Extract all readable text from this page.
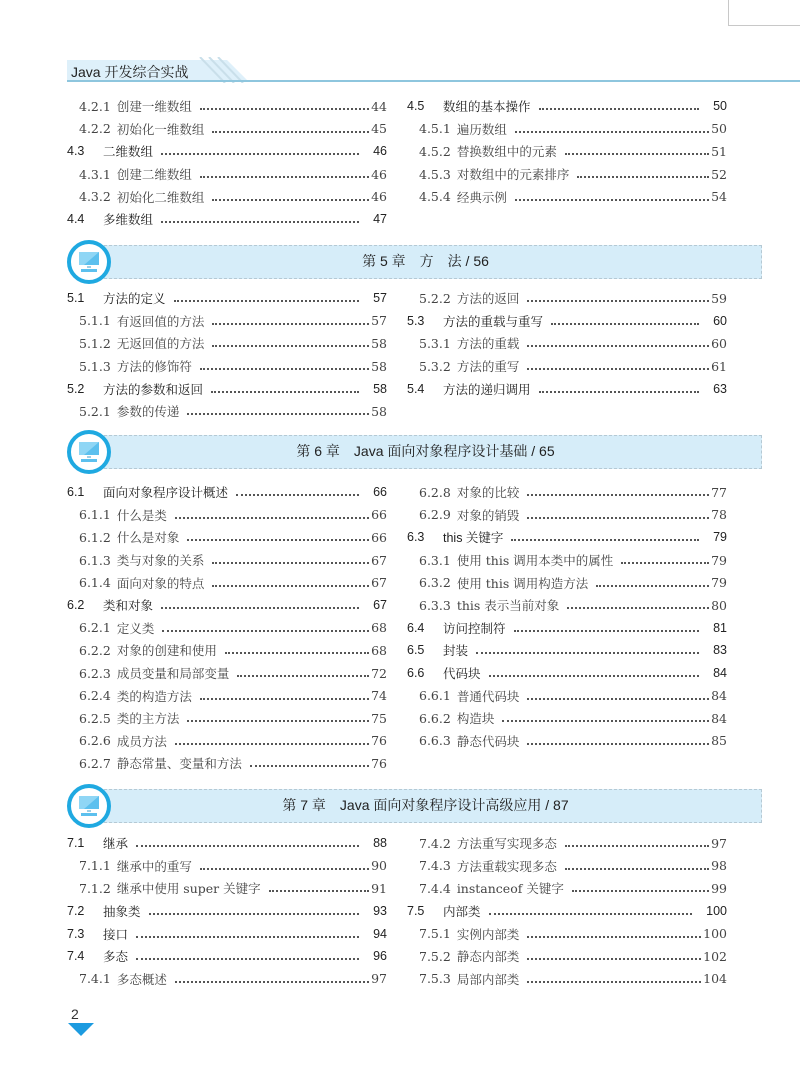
Java 开发综合实战
4.2.1 创建一维数组	44
4.2.2 初始化一维数组	45
4.3 二维数组	46
4.3.1 创建二维数组	46
4.3.2 初始化二维数组	46
4.4 多维数组	47
4.5 数组的基本操作	50
4.5.1 遍历数组	50
4.5.2 替换数组中的元素	51
4.5.3 对数组中的元素排序	52
4.5.4 经典示例	54
第 5 章　方　法 / 56
5.1 方法的定义	57
5.1.1 有返回值的方法	57
5.1.2 无返回值的方法	58
5.1.3 方法的修饰符	58
5.2 方法的参数和返回	58
5.2.1 参数的传递	58
5.2.2 方法的返回	59
5.3 方法的重载与重写	60
5.3.1 方法的重载	60
5.3.2 方法的重写	61
5.4 方法的递归调用	63
第 6 章　Java 面向对象程序设计基础 / 65
6.1 面向对象程序设计概述	66
6.1.1 什么是类	66
6.1.2 什么是对象	66
6.1.3 类与对象的关系	67
6.1.4 面向对象的特点	67
6.2 类和对象	67
6.2.1 定义类	68
6.2.2 对象的创建和使用	68
6.2.3 成员变量和局部变量	72
6.2.4 类的构造方法	74
6.2.5 类的主方法	75
6.2.6 成员方法	76
6.2.7 静态常量、变量和方法	76
6.2.8 对象的比较	77
6.2.9 对象的销毁	78
6.3 this 关键字	79
6.3.1 使用 this 调用本类中的属性	79
6.3.2 使用 this 调用构造方法	79
6.3.3 this 表示当前对象	80
6.4 访问控制符	81
6.5 封装	83
6.6 代码块	84
6.6.1 普通代码块	84
6.6.2 构造块	84
6.6.3 静态代码块	85
第 7 章　Java 面向对象程序设计高级应用 / 87
7.1 继承	88
7.1.1 继承中的重写	90
7.1.2 继承中使用 super 关键字	91
7.2 抽象类	93
7.3 接口	94
7.4 多态	96
7.4.1 多态概述	97
7.4.2 方法重写实现多态	97
7.4.3 方法重载实现多态	98
7.4.4 instanceof 关键字	99
7.5 内部类	100
7.5.1 实例内部类	100
7.5.2 静态内部类	102
7.5.3 局部内部类	104
2
